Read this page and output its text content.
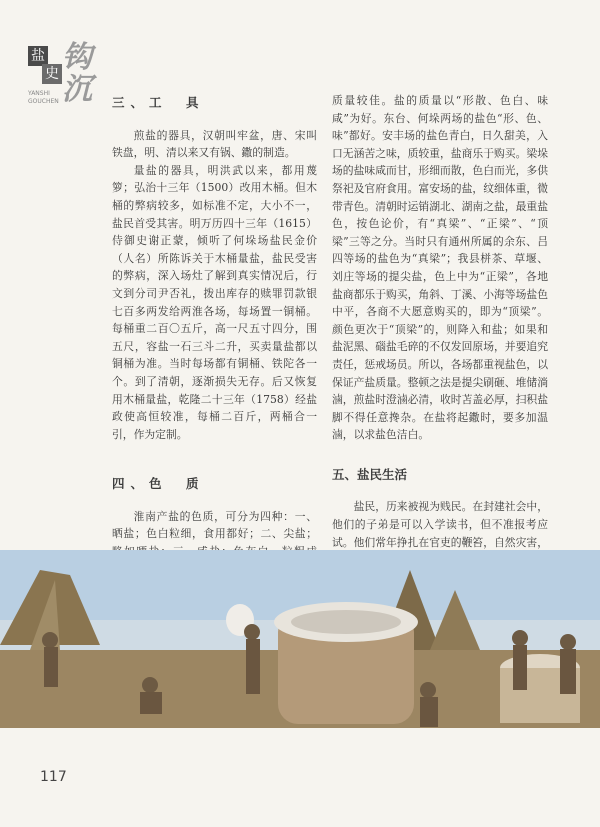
盐
史 钩沉
YANSHI
GOUCHEN	三、工　具

煎盐的器具，汉朝叫牢盆，唐、宋叫铁盘，明、清以来又有锅、鏾的制造。

量盐的器具，明洪武以来，都用蔑箩；弘治十三年（1500）改用木桶。但木桶的弊病较多，如标准不定，大小不一，盐民首受其害。明万历四十三年（1615）侍御史谢正蒙，倾听了何垛场盐民金价（人名）所陈诉关于木桶量盐，盐民受害的弊病，深入场灶了解到真实情况后，行文到分司尹否礼，拨出库存的赎罪罚款银七百多两发给两淮各场，每场置一铜桶。每桶重二百〇五斤，高一尺五寸四分，围五尺，容盐一石三斗二升，买卖量盐都以铜桶为准。当时每场都有铜桶、铁陀各一个。到了清朝，逐渐损失无存。后又恢复用木桶量盐，乾隆二十三年（1758）经盐政使高恒较准，每桶二百斤，两桶合一引，作为定制。

四、色　质

淮南产盐的色质，可分为四种：一、晒盐；色白粒细，食用都好；二、尖盐；

质量较佳。盐的质量以“形散、色白、味咸”为好。东台、何垛两场的盐色“形、色、味”都好。安丰场的盐色青白，日久甜美，入口无涵苦之味，质较重，盐商乐于购买。梁垛场的盐味咸而甘，形细而散，色白而光，多供祭祀及官府食用。富安场的盐，纹细体重，微带青色。清朝时运销湖北、湖南之盐，最重盐色，按色论价，有“真梁”、“正梁”、“顶梁”三等之分。当时只有通州所属的余东、吕四等场的盐色为“真梁”；我县栟茶、草堰、刘庄等场的提尖盐，色上中为“正梁”，各地盐商都乐于购买，角斜、丁溪、小海等场盐色中平，各商不大愿意购买的，即为“顶梁”。颜色更次于“顶梁”的，则降入和盐；如果和盐泥黑、碯盐毛碎的不仅发回原场，并要追究责任，惩戒场员。所以，各场都重视盐色，以保证产盐质量。整顿之法是提尖刷砸、堆储淌滷，煎盐时澄滷必清，收时苫盖必厚，扫积盐脚不得任意搀杂。在盐将起鏾时，要多加温滷，以求盐色洁白。

五、盐民生活

盐民，历来被视为贱民。在封建社会中，他们的子弟是可以入学读书，但不准报考应试。他们常年挣扎在官吏的鞭笞，自然灾害，

117
